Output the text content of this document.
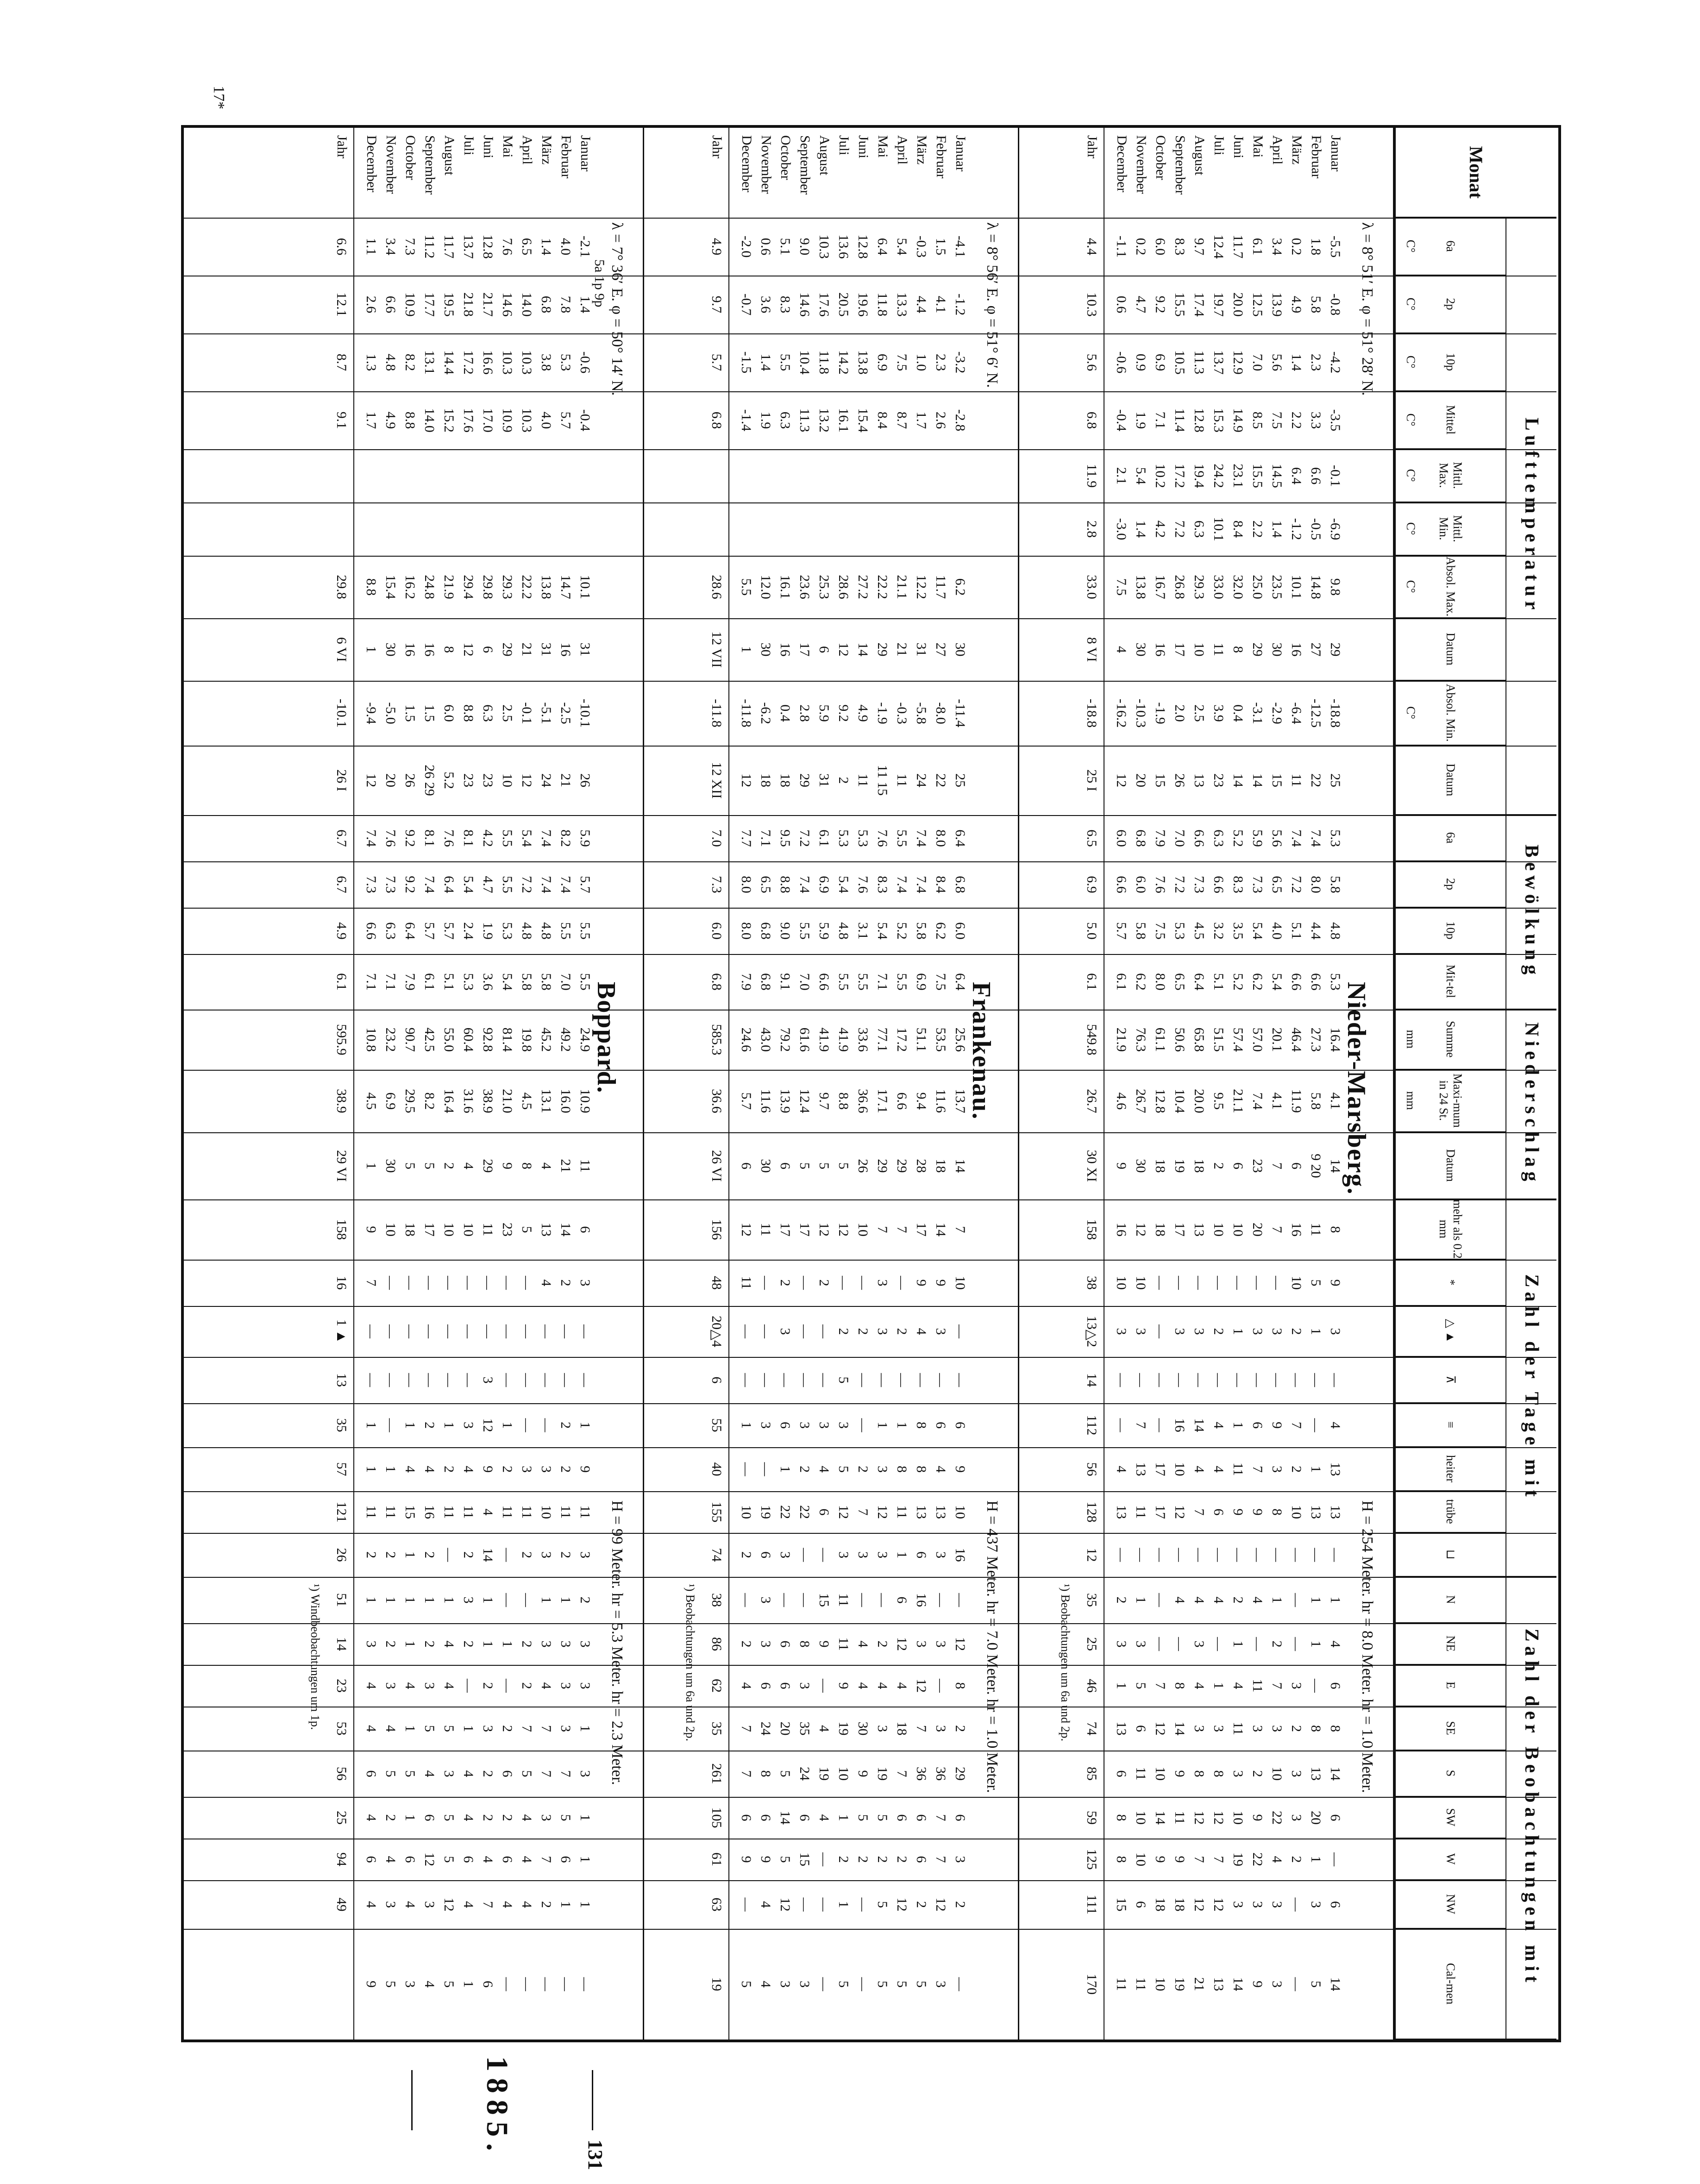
Monat
Lufttemperatur
Bewölkung
Niederschlag
Zahl der Tage mit
Zahl der Beobachtungen mit
6a
C°
2p
C°
10p
C°
Mittel
C°
Mittl. Max.
C°
Mittl. Min.
C°
Absol. Max.
C°
Datum
Absol. Min.
C°
Datum
6a
2p
10p
Mit-tel
Summe
mm
Maxi-mum in 24 St.
mm
Datum
mehr als 0.2 mm
*
△ ▲
⊼
≡
heiter
trübe
⊔
N
NE
E
SE
S
SW
W
NW
Cal-men
λ = 8° 51′ E. φ = 51° 28′ N.
Nieder-Marsberg.
H = 254 Meter. hr = 8.0 Meter. hr = 1.0 Meter.
Januar
-5.5
-0.8
-4.2
-3.5
-0.1
-6.9
9.8
29
-18.8
25
5.3
5.8
4.8
5.3
16.4
4.1
14
8
9
3
—
4
13
13
—
1
4
6
8
14
6
—
6
14
Februar
1.8
5.8
2.3
3.3
6.6
-0.5
14.8
27
-12.5
22
7.4
8.0
4.4
6.6
27.3
5.8
9 20
11
5
1
—
—
1
13
—
1
1
—
8
13
20
1
3
5
März
0.2
4.9
1.4
2.2
6.4
-1.2
10.1
16
-6.4
11
7.4
7.2
5.1
6.6
46.4
11.9
6
16
10
2
—
7
2
10
—
—
—
3
2
3
3
2
—
—
April
3.4
13.9
5.6
7.5
14.5
1.4
23.5
30
-2.9
15
5.6
6.5
4.0
5.4
20.1
4.1
7
7
—
3
—
9
3
8
—
1
2
7
3
10
22
4
3
3
Mai
6.1
12.5
7.0
8.5
15.5
2.2
25.0
29
-3.1
14
5.9
7.3
5.4
6.2
57.0
7.4
23
20
—
3
—
6
7
9
—
4
—
11
3
2
9
22
3
9
Juni
11.7
20.0
12.9
14.9
23.1
8.4
32.0
8
0.4
14
5.2
8.3
3.5
5.2
57.4
21.1
6
10
—
1
—
1
11
9
—
2
1
4
11
3
10
19
3
14
Juli
12.4
19.7
13.7
15.3
24.2
10.1
33.0
11
3.9
23
6.3
6.6
3.2
5.1
51.5
9.5
2
10
—
2
—
4
4
6
—
4
—
1
3
8
12
7
12
13
August
9.7
17.4
11.3
12.8
19.4
6.3
29.3
10
2.5
13
6.6
7.3
4.5
6.4
65.8
20.0
18
13
—
3
—
14
4
7
—
4
3
4
3
8
12
7
12
21
September
8.3
15.5
10.5
11.4
17.2
7.2
26.8
17
2.0
26
7.0
7.2
5.3
6.5
50.6
10.4
19
17
—
3
—
16
10
12
—
4
—
8
14
9
11
9
18
19
October
6.0
9.2
6.9
7.1
10.2
4.2
16.7
16
-1.9
15
7.9
7.6
7.5
8.0
61.1
12.8
18
18
—
—
—
—
17
17
—
—
—
7
12
10
14
9
18
10
November
0.2
4.7
0.9
1.9
5.4
1.4
13.8
30
-10.3
20
6.8
6.0
5.8
6.2
76.3
26.7
30
12
10
3
—
7
13
11
—
1
3
5
6
11
10
10
6
11
December
-1.1
0.6
-0.6
-0.4
2.1
-3.0
7.5
4
-16.2
12
6.0
6.6
5.7
6.1
21.9
4.6
9
16
10
3
—
—
4
13
—
2
3
1
13
6
8
8
15
11
Jahr
4.4
10.3
5.6
6.8
11.9
2.8
33.0
8 VI
-18.8
25 I
6.5
6.9
5.0
6.1
549.8
26.7
30 XI
158
38
13△2
14
112
56
128
12
35
25
46
74
85
59
125
111
170
¹) Beobachtungen um 6a und 2p.
λ = 8° 56′ E. φ = 51° 6′ N.
Frankenau.
H = 437 Meter. hr = 7.0 Meter. hr = 1.0 Meter.
Januar
-4.1
-1.2
-3.2
-2.8
6.2
30
-11.4
25
6.4
6.8
6.0
6.4
25.6
13.7
14
7
10
—
—
6
9
10
16
—
12
8
2
29
6
3
2
—
Februar
1.5
4.1
2.3
2.6
11.7
27
-8.0
22
8.0
8.4
6.2
7.5
53.5
11.6
18
14
9
3
—
6
4
13
3
—
3
—
3
36
7
7
12
3
März
-0.3
4.4
1.0
1.7
12.2
31
-5.8
24
7.4
7.4
5.8
6.9
51.1
9.4
28
17
9
4
—
8
8
13
6
16
3
12
7
36
6
6
2
5
April
5.4
13.3
7.5
8.7
21.1
21
-0.3
11
5.5
7.4
5.2
5.5
17.2
6.6
29
7
—
2
—
1
8
11
1
6
12
4
18
7
6
2
12
5
Mai
6.4
11.8
6.9
8.4
22.2
29
-1.9
11 15
7.6
8.3
5.4
7.1
77.1
17.1
29
7
3
3
—
1
3
12
3
—
2
4
3
19
5
2
5
5
Juni
12.8
19.6
13.8
15.4
27.2
14
4.9
11
5.3
7.6
3.1
5.5
33.6
36.6
26
10
—
2
—
—
2
7
3
—
4
4
30
9
5
2
—
—
Juli
13.6
20.5
14.2
16.1
28.6
12
9.2
2
5.3
5.4
4.8
5.5
41.9
8.8
5
12
—
2
5
3
5
12
3
11
11
9
19
10
1
2
1
5
August
10.3
17.6
11.8
13.2
25.3
6
5.9
31
6.1
6.9
5.9
6.6
41.9
9.7
5
12
2
—
—
3
4
6
—
15
9
—
4
19
4
—
—
—
September
9.0
14.6
10.4
11.3
23.6
17
2.8
29
7.2
7.4
5.5
7.0
61.6
12.4
5
17
—
—
—
3
2
22
—
—
8
3
35
24
6
15
—
3
October
5.1
8.3
5.5
6.3
16.1
16
0.4
18
9.5
8.8
9.0
9.1
79.2
13.9
6
17
2
3
—
6
1
22
3
—
6
6
20
5
14
5
12
3
November
0.6
3.6
1.4
1.9
12.0
30
-6.2
18
7.1
6.5
6.8
6.8
43.0
11.6
30
11
—
—
—
3
—
19
6
3
3
6
24
8
6
9
4
4
December
-2.0
-0.7
-1.5
-1.4
5.5
1
-11.8
12
7.7
8.0
8.0
7.9
24.6
5.7
6
12
11
—
—
1
—
10
2
—
2
4
7
7
6
9
—
5
Jahr
4.9
9.7
5.7
6.8
28.6
12 VII
-11.8
12 XII
7.0
7.3
6.0
6.8
585.3
36.6
26 VI
156
48
20△4
6
55
40
155
74
38
86
62
35
261
105
61
63
19
¹) Beobachtungen um 6a und 2p.
λ = 7° 36′ E. φ = 50° 14′ N.
Boppard.
H = 99 Meter. hr = 5.3 Meter. hr = 2.3 Meter.
5a 1p 9p
Januar
-2.1
1.4
-0.6
-0.4
10.1
31
-10.1
26
5.9
5.7
5.5
5.5
24.9
10.9
11
6
3
—
—
1
9
11
3
2
3
3
1
3
1
1
1
—
Februar
4.0
7.8
5.3
5.7
14.7
16
-2.5
21
8.2
7.4
5.5
7.0
49.2
16.0
21
14
2
—
—
2
2
11
2
1
3
3
3
7
5
6
1
—
März
1.4
6.8
3.8
4.0
13.8
31
-5.1
24
7.4
7.4
4.8
5.8
45.2
13.1
4
13
4
—
—
—
3
10
3
1
3
4
7
7
3
7
2
—
April
6.5
14.0
10.3
10.3
22.2
21
-0.1
12
5.4
7.2
4.8
5.8
19.8
4.5
8
5
—
—
—
—
3
11
2
—
2
2
7
5
4
4
4
—
Mai
7.6
14.6
10.3
10.9
29.3
29
2.5
10
5.5
5.5
5.3
5.4
81.4
21.0
9
23
—
—
—
1
2
11
—
—
1
—
2
6
2
6
4
—
Juni
12.8
21.7
16.6
17.0
29.8
6
6.3
23
4.2
4.7
1.9
3.6
92.8
38.9
29
11
—
—
3
12
9
4
14
1
1
2
3
2
2
4
7
6
Juli
13.7
21.8
17.2
17.6
29.4
12
8.8
23
8.1
5.4
2.4
5.3
60.4
31.6
4
10
—
—
—
3
4
11
2
3
2
—
1
4
4
6
4
1
August
11.7
19.5
14.4
15.2
21.9
8
6.0
5.2
7.6
6.4
5.7
5.1
55.0
16.4
2
10
—
—
—
1
2
11
—
1
4
4
5
3
5
5
12
5
September
11.2
17.7
13.1
14.0
24.8
16
1.5
26 29
8.1
7.4
5.7
6.1
42.5
8.2
5
17
—
—
—
2
4
16
2
1
2
3
5
4
6
12
3
4
October
7.3
10.9
8.2
8.8
16.2
16
1.5
26
9.2
9.2
6.4
7.9
90.7
29.5
5
18
—
—
—
1
4
15
1
1
1
4
1
5
1
6
4
3
November
3.4
6.6
4.8
4.9
15.4
30
-5.0
20
7.6
7.3
6.3
7.1
23.2
6.9
30
10
—
—
—
—
1
11
2
1
2
3
4
5
2
4
3
5
December
1.1
2.6
1.3
1.7
8.8
1
-9.4
12
7.4
7.3
6.6
7.1
10.8
4.5
1
9
7
—
—
1
1
11
2
1
3
4
4
6
4
6
4
9
Jahr
6.6
12.1
8.7
9.1
29.8
6 VI
-10.1
26 I
6.7
6.7
4.9
6.1
595.9
38.9
29 VI
158
16
1 ▲
13
35
57
121
26
51
14
23
53
56
25
94
49
¹) Windbeobachtungen um 1p.
1885.	131
17*
